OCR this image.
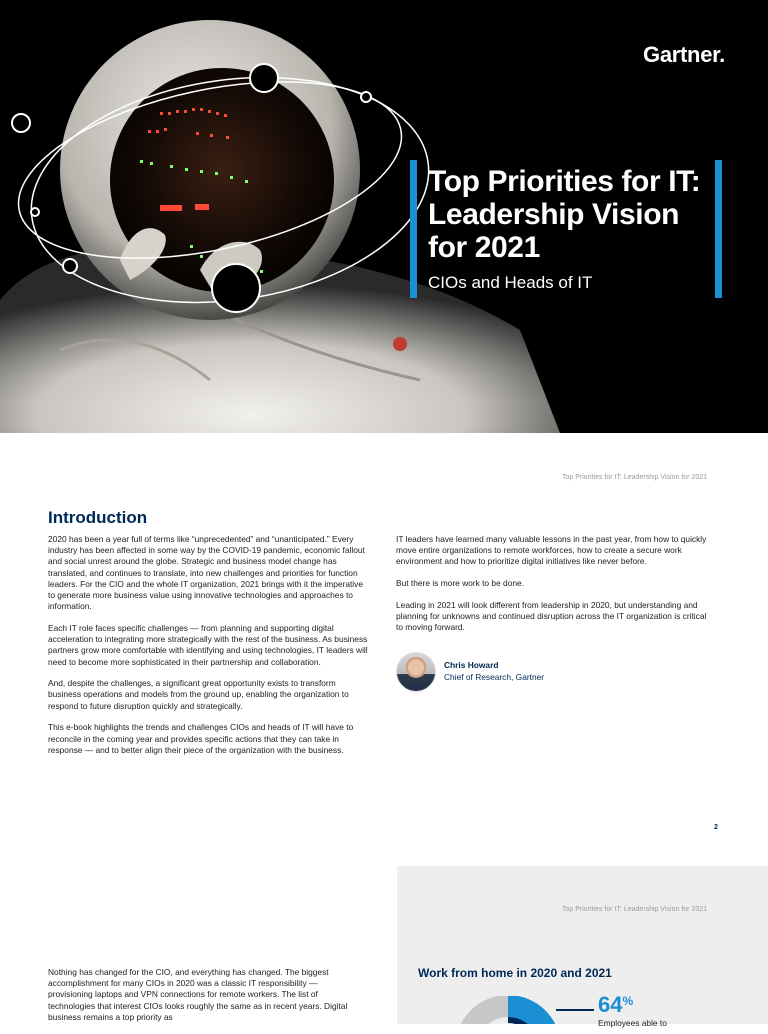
Gartner.
Top Priorities for IT: Leadership Vision for 2021
CIOs and Heads of IT
Top Priorities for IT: Leadership Vision for 2021
Introduction

2020 has been a year full of terms like “unprecedented” and “unanticipated.” Every industry has been affected in some way by the COVID-19 pandemic, economic fallout and social unrest around the globe. Strategic and business model change has translated, and continues to translate, into new challenges and priorities for function leaders. For the CIO and the whole IT organization, 2021 brings with it the imperative to generate more business value using innovative technologies and approaches to information.

Each IT role faces specific challenges — from planning and supporting digital acceleration to integrating more strategically with the rest of the business. As business partners grow more comfortable with identifying and using technologies, IT leaders will need to become more sophisticated in their partnership and collaboration.

And, despite the challenges, a significant great opportunity exists to transform business operations and models from the ground up, enabling the organization to respond to future disruption quickly and strategically.

This e-book highlights the trends and challenges CIOs and heads of IT will have to reconcile in the coming year and provides specific actions that they can take in response — and to better align their piece of the organization with the business.

IT leaders have learned many valuable lessons in the past year, from how to quickly move entire organizations to remote workforces, how to create a secure work environment and how to prioritize digital initiatives like never before.

But there is more work to be done.

Leading in 2021 will look different from leadership in 2020, but understanding and planning for unknowns and continued disruption across the IT organization is critical to moving forward.

Chris Howard
Chief of Research, Gartner
2
Top Priorities for IT: Leadership Vision for 2021

Nothing has changed for the CIO, and everything has changed. The biggest accomplishment for many CIOs in 2020 was a classic IT responsibility — provisioning laptops and VPN connections for remote workers. The list of technologies that interest CIOs looks roughly the same as in recent years. Digital business remains a top priority as

Work from home in 2020 and 2021
64%
Employees able to
